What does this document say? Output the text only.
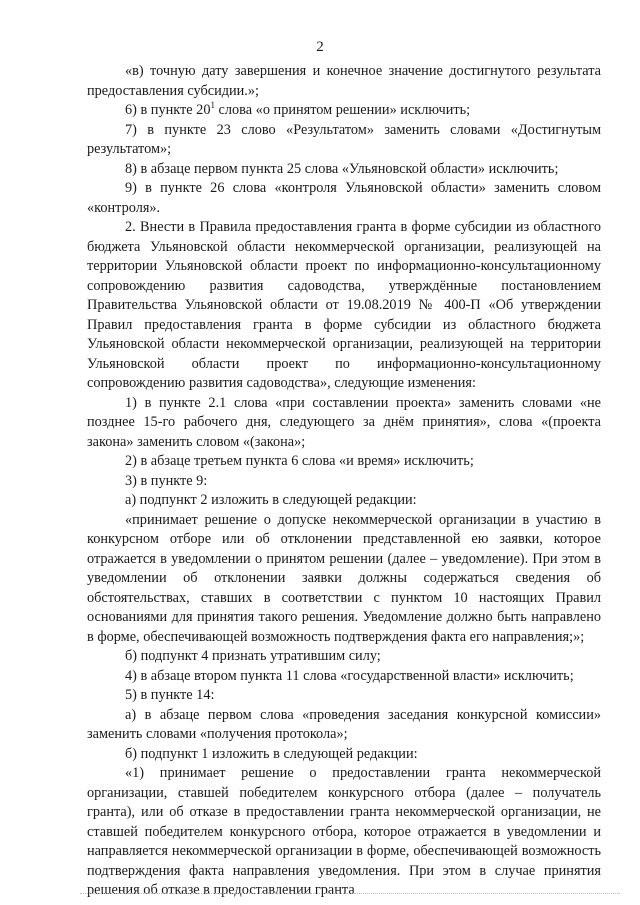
2

«в) точную дату завершения и конечное значение достигнутого результата предоставления субсидии.»;

6) в пункте $20^1$ слова «о принятом решении» исключить;

7) в пункте 23 слово «Результатом» заменить словами «Достигнутым результатом»;

8) в абзаце первом пункта 25 слова «Ульяновской области» исключить;

9) в пункте 26 слова «контроля Ульяновской области» заменить словом «контроля».

2. Внести в Правила предоставления гранта в форме субсидии из областного бюджета Ульяновской области некоммерческой организации, реализующей на территории Ульяновской области проект по информационно-консультационному сопровождению развития садоводства, утверждённые постановлением Правительства Ульяновской области от 19.08.2019 № 400-П «Об утверждении Правил предоставления гранта в форме субсидии из областного бюджета Ульяновской области некоммерческой организации, реализующей на территории Ульяновской области проект по информационно-консультационному сопровождению развития садоводства», следующие изменения:

1) в пункте 2.1 слова «при составлении проекта» заменить словами «не позднее 15-го рабочего дня, следующего за днём принятия», слова «(проекта закона» заменить словом «(закона»;

2) в абзаце третьем пункта 6 слова «и время» исключить;

3) в пункте 9:

а) подпункт 2 изложить в следующей редакции:

«принимает решение о допуске некоммерческой организации в участию в конкурсном отборе или об отклонении представленной ею заявки, которое отражается в уведомлении о принятом решении (далее – уведомление). При этом в уведомлении об отклонении заявки должны содержаться сведения об обстоятельствах, ставших в соответствии с пунктом 10 настоящих Правил основаниями для принятия такого решения. Уведомление должно быть направлено в форме, обеспечивающей возможность подтверждения факта его направления;»;

б) подпункт 4 признать утратившим силу;

4) в абзаце втором пункта 11 слова «государственной власти» исключить;

5) в пункте 14:

а) в абзаце первом слова «проведения заседания конкурсной комиссии» заменить словами «получения протокола»;

б) подпункт 1 изложить в следующей редакции:

«1) принимает решение о предоставлении гранта некоммерческой организации, ставшей победителем конкурсного отбора (далее – получатель гранта), или об отказе в предоставлении гранта некоммерческой организации, не ставшей победителем конкурсного отбора, которое отражается в уведомлении и направляется некоммерческой организации в форме, обеспечивающей возможность подтверждения факта направления уведомления. При этом в случае принятия решения об отказе в предоставлении гранта
